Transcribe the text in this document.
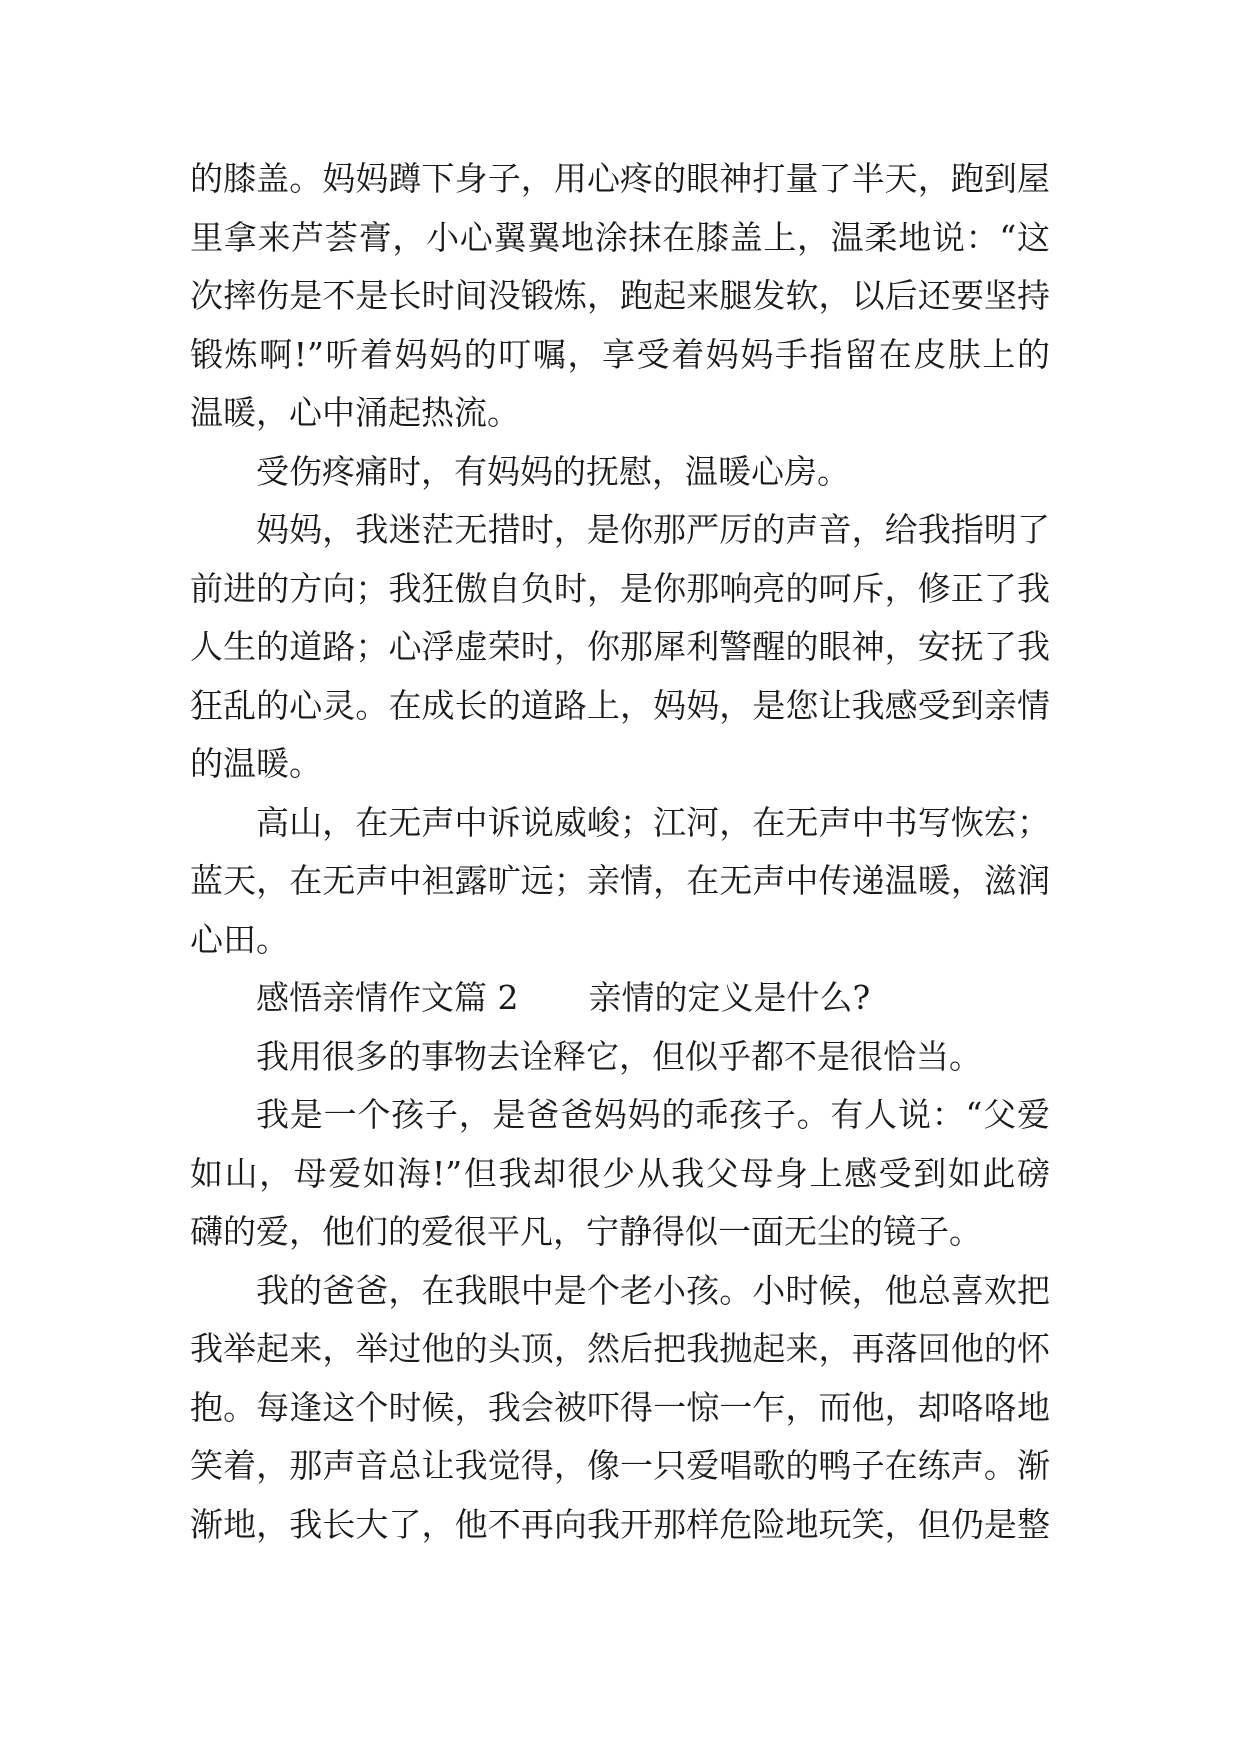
的膝盖。妈妈蹲下身子，用心疼的眼神打量了半天，跑到屋
里拿来芦荟膏，小心翼翼地涂抹在膝盖上，温柔地说：“这
次摔伤是不是长时间没锻炼，跑起来腿发软，以后还要坚持
锻炼啊!”听着妈妈的叮嘱，享受着妈妈手指留在皮肤上的
温暖，心中涌起热流。
受伤疼痛时，有妈妈的抚慰，温暖心房。
妈妈，我迷茫无措时，是你那严厉的声音，给我指明了
前进的方向；我狂傲自负时，是你那响亮的呵斥，修正了我
人生的道路；心浮虚荣时，你那犀利警醒的眼神，安抚了我
狂乱的心灵。在成长的道路上，妈妈，是您让我感受到亲情
的温暖。
高山，在无声中诉说威峻；江河，在无声中书写恢宏；
蓝天，在无声中袒露旷远；亲情，在无声中传递温暖，滋润
心田。
感悟亲情作文篇 2 亲情的定义是什么?
我用很多的事物去诠释它，但似乎都不是很恰当。
我是一个孩子，是爸爸妈妈的乖孩子。有人说：“父爱
如山，母爱如海!”但我却很少从我父母身上感受到如此磅
礴的爱，他们的爱很平凡，宁静得似一面无尘的镜子。
我的爸爸，在我眼中是个老小孩。小时候，他总喜欢把
我举起来，举过他的头顶，然后把我抛起来，再落回他的怀
抱。每逢这个时候，我会被吓得一惊一乍，而他，却咯咯地
笑着，那声音总让我觉得，像一只爱唱歌的鸭子在练声。渐
渐地，我长大了，他不再向我开那样危险地玩笑，但仍是整
